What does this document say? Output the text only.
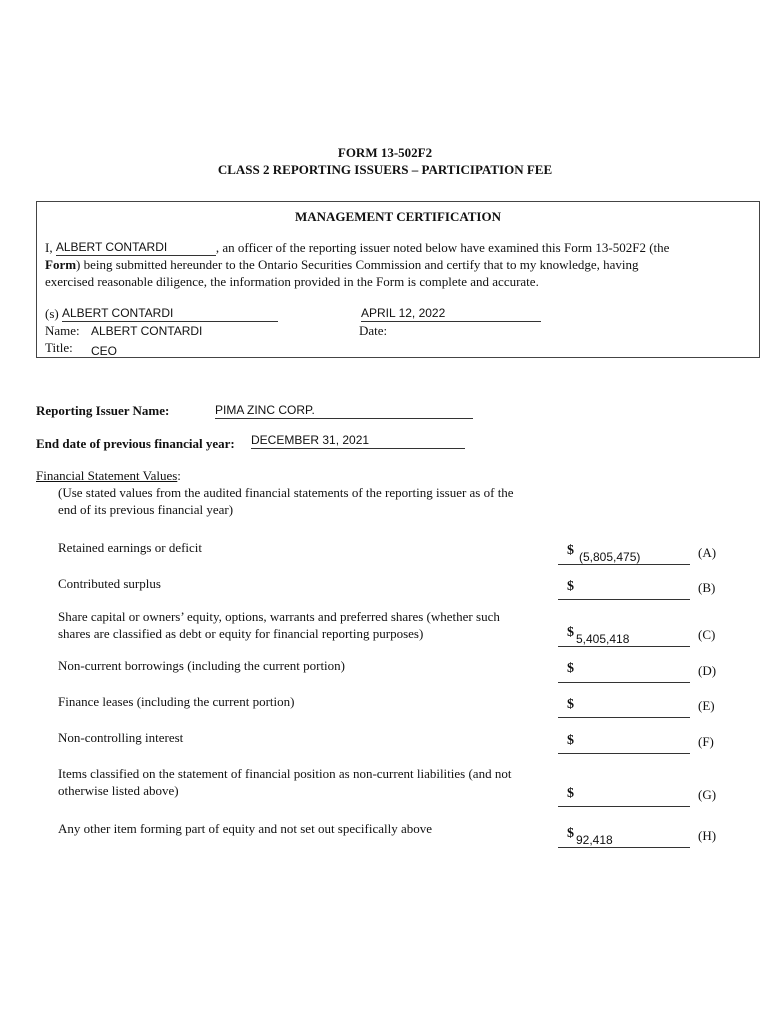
FORM 13-502F2
CLASS 2 REPORTING ISSUERS – PARTICIPATION FEE
MANAGEMENT CERTIFICATION
I, ALBERT CONTARDI	, an officer of the reporting issuer noted below have examined this Form 13-502F2 (the
Form) being submitted hereunder to the Ontario Securities Commission and certify that to my knowledge, having
exercised reasonable diligence, the information provided in the Form is complete and accurate.
(s) ALBERT CONTARDI	APRIL 12, 2022
Name: ALBERT CONTARDI	Date:
Title: CEO
Reporting Issuer Name:	PIMA ZINC CORP.
End date of previous financial year: DECEMBER 31, 2021
Financial Statement Values:
(Use stated values from the audited financial statements of the reporting issuer as of the
end of its previous financial year)
Retained earnings or deficit	$ (5,805,475)	(A)
Contributed surplus	$	(B)
Share capital or owners’ equity, options, warrants and preferred shares (whether such
shares are classified as debt or equity for financial reporting purposes)	$ 5,405,418	(C)
Non-current borrowings (including the current portion)	$	(D)
Finance leases (including the current portion)	$	(E)
Non-controlling interest	$	(F)
Items classified on the statement of financial position as non-current liabilities (and not
otherwise listed above)	$	(G)
Any other item forming part of equity and not set out specifically above	$ 92,418	(H)
